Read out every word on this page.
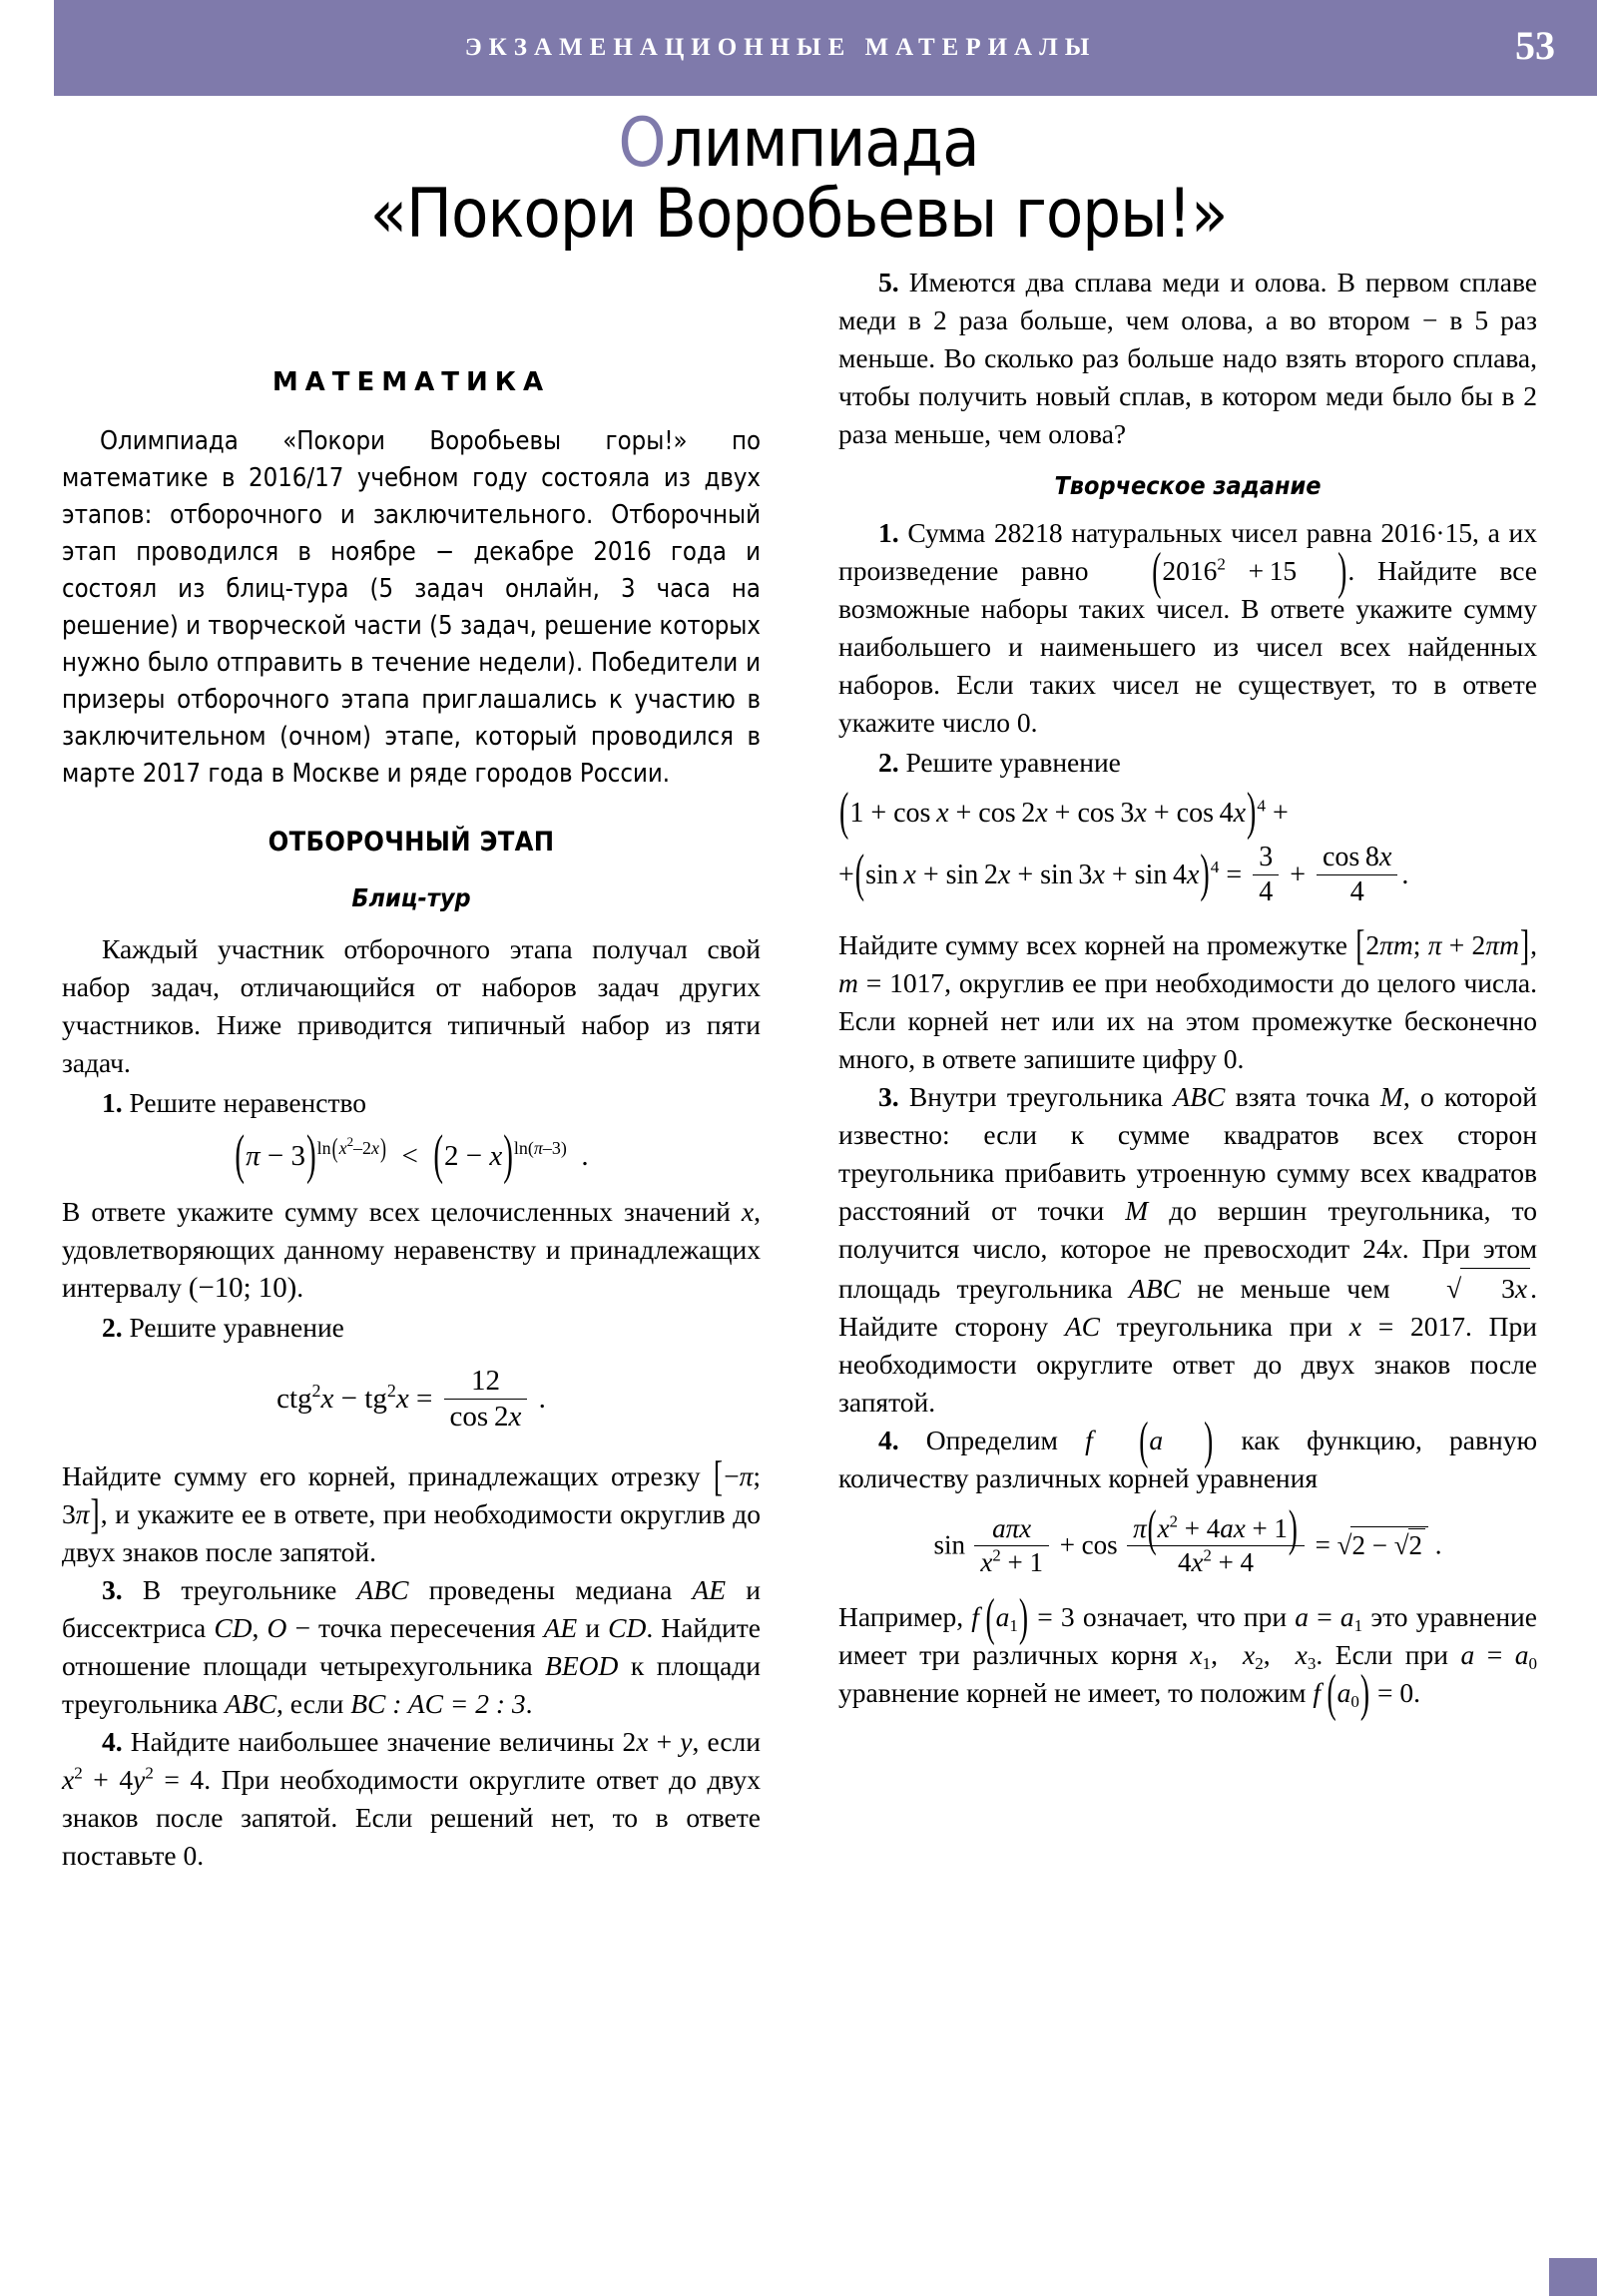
ЭКЗАМЕНАЦИОННЫЕ МАТЕРИАЛЫ	53
Олимпиада
«Покори Воробьевы горы!»
МАТЕМАТИКА

Олимпиада «Покори Воробьевы горы!» по математике в 2016/17 учебном году состояла из двух этапов: отборочного и заключительного. Отборочный этап проводился в ноябре − декабре 2016 года и состоял из блиц-тура (5 задач онлайн, 3 часа на решение) и творческой части (5 задач, решение которых нужно было отправить в течение недели). Победители и призеры отборочного этапа приглашались к участию в заключительном (очном) этапе, который проводился в марте 2017 года в Москве и ряде городов России.

ОТБОРОЧНЫЙ ЭТАП
Блиц-тур

Каждый участник отборочного этапа получал свой набор задач, отличающийся от наборов задач других участников. Ниже приводится типичный набор из пяти задач.

1. Решите неравенство

$(\pi - 3)^{ln(x^2-2x)} < (2 - x)^{ln(\pi-3)}$  .

В ответе укажите сумму всех целочисленных значений x, удовлетворяющих данному неравенству и принадлежащих интервалу (−10; 10).

2. Решите уравнение

$ctg^2x - tg^2x = \frac{12}{\cos 2x}$ .

Найдите сумму его корней, принадлежащих отрезку [−π; 3π], и укажите ее в ответе, при необходимости округлив до двух знаков после запятой.

3. В треугольнике ABC проведены медиана AE и биссектриса CD, O − точка пересечения AE и CD. Найдите отношение площади четырехугольника BEOD к площади треугольника ABC, если BC : AC = 2 : 3.

4. Найдите наибольшее значение величины 2x + y, если $x^2 + 4y^2 = 4$. При необходимости округлите ответ до двух знаков после запятой. Если решений нет, то в ответе поставьте 0.

5. Имеются два сплава меди и олова. В первом сплаве меди в 2 раза больше, чем олова, а во втором − в 5 раз меньше. Во сколько раз больше надо взять второго сплава, чтобы получить новый сплав, в котором меди было бы в 2 раза меньше, чем олова?

Творческое задание

1. Сумма 28218 натуральных чисел равна 2016·15, а их произведение равно ($2016^2 + 15$ ). Найдите все возможные наборы таких чисел. В ответе укажите сумму наибольшего и наименьшего из чисел всех найденных наборов. Если таких чисел не существует, то в ответе укажите число 0.

2. Решите уравнение

$(1 + \cos x + \cos 2x + \cos 3x + \cos 4x)^4$ +
+(sin $x + \sin 2x + \sin 3x + \sin 4x)^4 = \frac{3}{4} + \frac{\cos 8x}{4}$ .

Найдите сумму всех корней на промежутке [2πm; π + 2πm], m = 1017, округлив ее при необходимости до целого числа. Если корней нет или их на этом промежутке бесконечно много, в ответе запишите цифру 0.

3. Внутри треугольника ABC взята точка M, о которой известно: если к сумме квадратов всех сторон треугольника прибавить утроенную сумму всех квадратов расстояний от точки M до вершин треугольника, то получится число, которое не превосходит 24x. При этом площадь треугольника ABC не меньше чем √ 3x . Найдите сторону AC треугольника при x = 2017. При необходимости округлите ответ до двух знаков после запятой.

4. Определим f  (a ) как функцию, равную количеству различных корней уравнения

$\sin \frac{\text{aπx}}{x^2 + 1} + \cos \frac{\pi(x^2 + 4ax + 1)}{4x^2 + 4} = √2 - √2$ .

Например, f  $(a_1) = 3$ означает, что при $a = a_1$ это уравнение имеет три различных корня $x_1$,  $x_2$,  $x_3$. Если при $a = a_0$ уравнение корней не имеет, то положим f  $(a_0) = 0$.
